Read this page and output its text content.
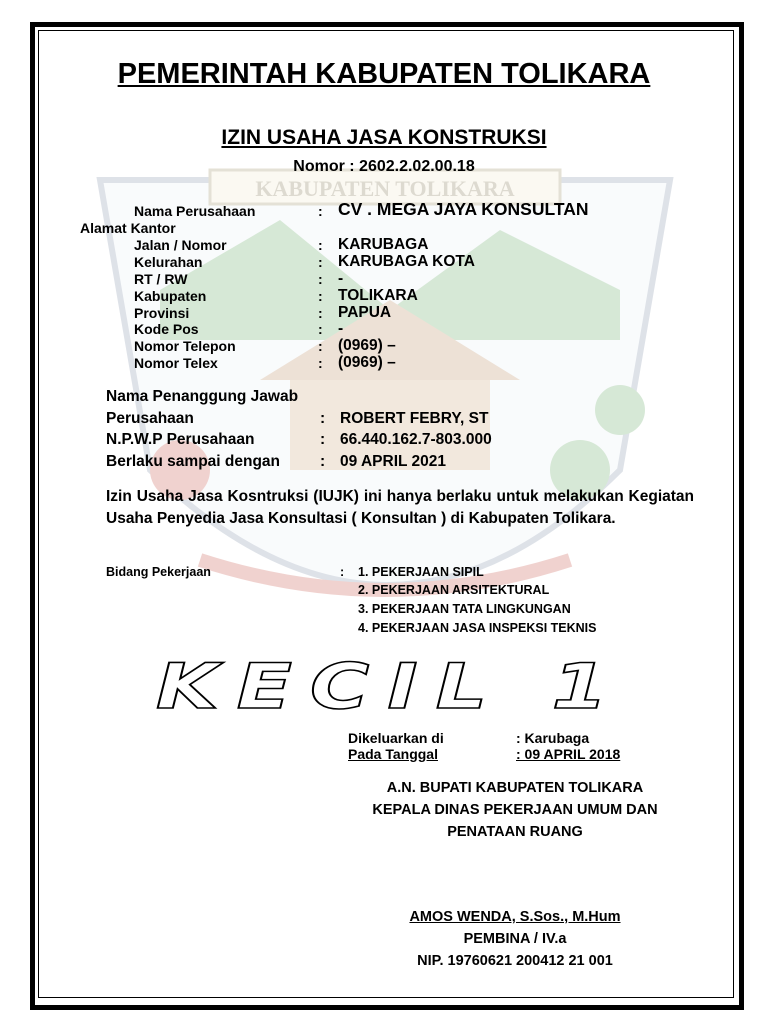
KABUPATEN TOLIKARA
PEMERINTAH KABUPATEN TOLIKARA
IZIN USAHA JASA KONSTRUKSI
Nomor : 2602.2.02.00.18
Nama Perusahaan	: CV . MEGA JAYA KONSULTAN
Alamat Kantor
Jalan / Nomor	: KARUBAGA
Kelurahan	: KARUBAGA KOTA
RT / RW	: -
Kabupaten	: TOLIKARA
Provinsi	: PAPUA
Kode Pos	: -
Nomor Telepon	: (0969) –
Nomor Telex	: (0969) –
Nama Penanggung Jawab
Perusahaan	: ROBERT FEBRY, ST
N.P.W.P Perusahaan	: 66.440.162.7-803.000
Berlaku sampai dengan	: 09 APRIL 2021
Izin Usaha Jasa Kosntruksi (IUJK) ini hanya berlaku untuk melakukan Kegiatan Usaha Penyedia Jasa Konsultasi ( Konsultan ) di Kabupaten Tolikara.
Bidang Pekerjaan	: 1. PEKERJAAN SIPIL
2. PEKERJAAN ARSITEKTURAL
3. PEKERJAAN TATA LINGKUNGAN
4. PEKERJAAN JASA INSPEKSI TEKNIS
KECIL 1
Dikeluarkan di	: Karubaga
Pada Tanggal	: 09 APRIL 2018
A.N. BUPATI KABUPATEN TOLIKARA
KEPALA DINAS PEKERJAAN UMUM DAN
PENATAAN RUANG
AMOS WENDA, S.Sos., M.Hum
PEMBINA / IV.a
NIP. 19760621 200412 21 001
